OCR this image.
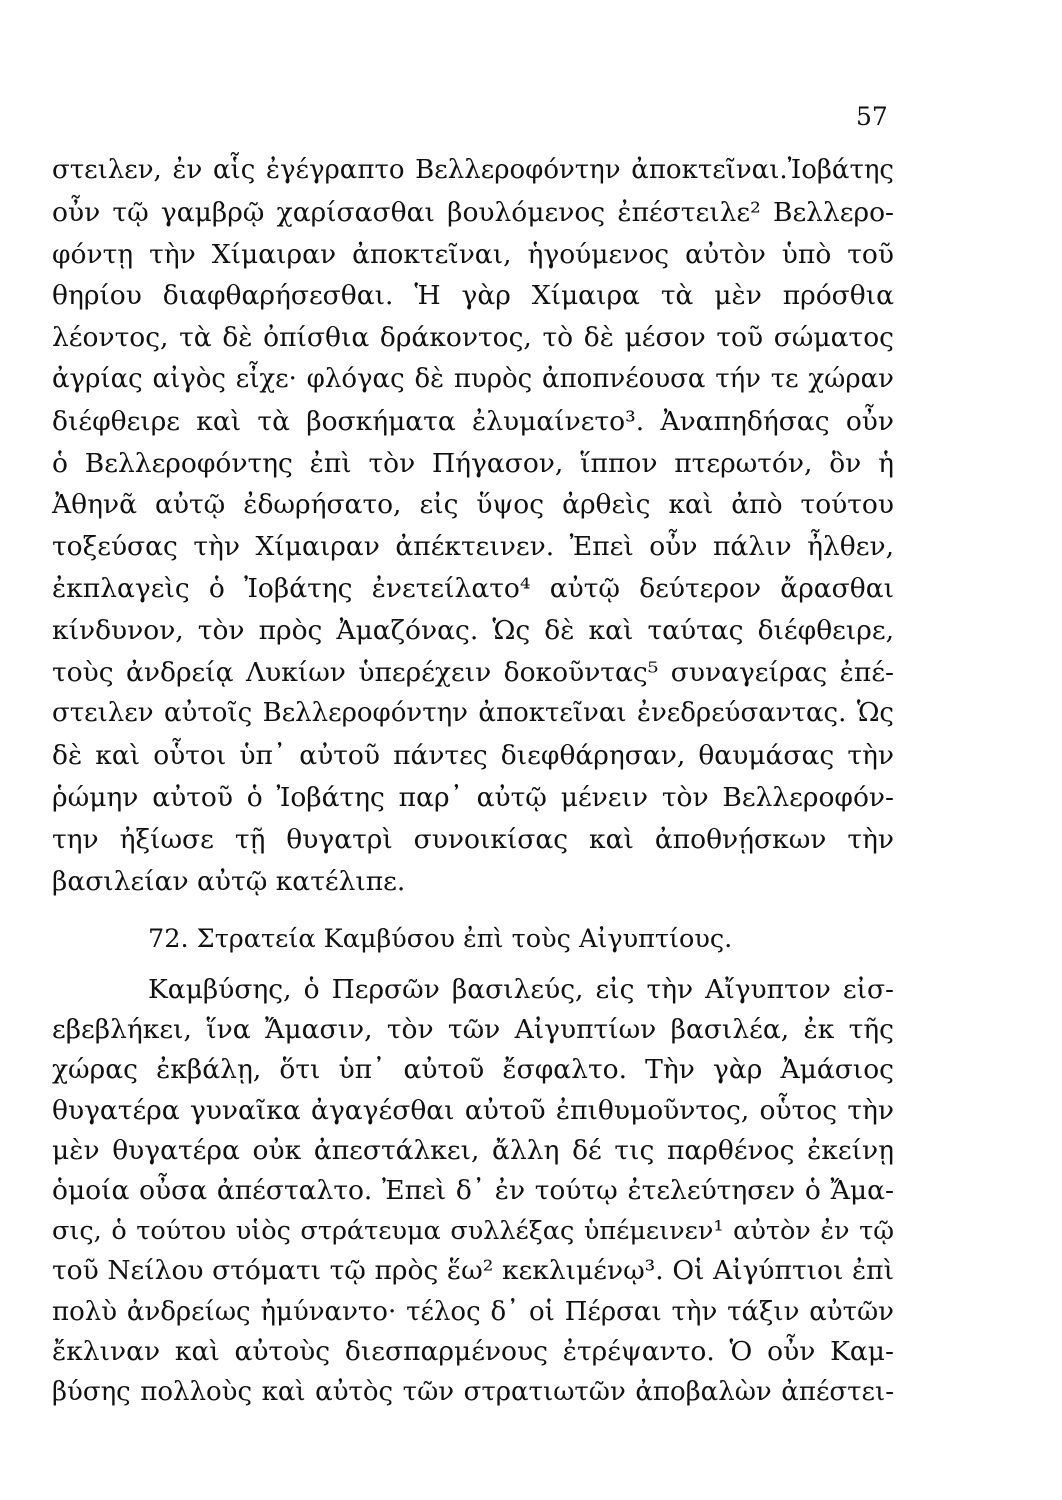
57
στειλεν, ἐν αἷς ἐγέγραπτο Βελλεροφόντην ἀποκτεῖναι.Ἰοβάτης
οὖν τῷ γαμβρῷ χαρίσασθαι βουλόμενος ἐπέστειλε² Βελλερο-
φόντῃ τὴν Χίμαιραν ἀποκτεῖναι, ἡγούμενος αὐτὸν ὑπὸ τοῦ
θηρίου διαφθαρήσεσθαι. Ἡ γὰρ Χίμαιρα τὰ μὲν πρόσθια
λέοντος, τὰ δὲ ὀπίσθια δράκοντος, τὸ δὲ μέσον τοῦ σώματος
ἀγρίας αἰγὸς εἶχε· φλόγας δὲ πυρὸς ἀποπνέουσα τήν τε χώραν
διέφθειρε καὶ τὰ βοσκήματα ἐλυμαίνετο³. Ἀναπηδήσας οὖν
ὁ Βελλεροφόντης ἐπὶ τὸν Πήγασον, ἵππον πτερωτόν, ὃν ἡ
Ἀθηνᾶ αὐτῷ ἐδωρήσατο, εἰς ὕψος ἀρθεὶς καὶ ἀπὸ τούτου
τοξεύσας τὴν Χίμαιραν ἀπέκτεινεν. Ἐπεὶ οὖν πάλιν ἦλθεν,
ἐκπλαγεὶς ὁ Ἰοβάτης ἐνετείλατο⁴ αὐτῷ δεύτερον ἄρασθαι
κίνδυνον, τὸν πρὸς Ἀμαζόνας. Ὡς δὲ καὶ ταύτας διέφθειρε,
τοὺς ἀνδρείᾳ Λυκίων ὑπερέχειν δοκοῦντας⁵ συναγείρας ἐπέ-
στειλεν αὐτοῖς Βελλεροφόντην ἀποκτεῖναι ἐνεδρεύσαντας. Ὡς
δὲ καὶ οὗτοι ὑπ᾽ αὐτοῦ πάντες διεφθάρησαν, θαυμάσας τὴν
ῥώμην αὐτοῦ ὁ Ἰοβάτης παρ᾽ αὐτῷ μένειν τὸν Βελλεροφόν-
την ἠξίωσε τῇ θυγατρὶ συνοικίσας καὶ ἀποθνῄσκων τὴν
βασιλείαν αὐτῷ κατέλιπε.
72. Στρατεία Καμβύσου ἐπὶ τοὺς Αἰγυπτίους.
Καμβύσης, ὁ Περσῶν βασιλεύς, εἰς τὴν Αἴγυπτον εἰσ-
εβεβλήκει, ἵνα Ἄμασιν, τὸν τῶν Αἰγυπτίων βασιλέα, ἐκ τῆς
χώρας ἐκβάλῃ, ὅτι ὑπ᾽ αὐτοῦ ἔσφαλτο. Τὴν γὰρ Ἀμάσιος
θυγατέρα γυναῖκα ἀγαγέσθαι αὐτοῦ ἐπιθυμοῦντος, οὗτος τὴν
μὲν θυγατέρα οὐκ ἀπεστάλκει, ἄλλη δέ τις παρθένος ἐκείνῃ
ὁμοία οὖσα ἀπέσταλτο. Ἐπεὶ δ᾽ ἐν τούτῳ ἐτελεύτησεν ὁ Ἄμα-
σις, ὁ τούτου υἱὸς στράτευμα συλλέξας ὑπέμεινεν¹ αὐτὸν ἐν τῷ
τοῦ Νείλου στόματι τῷ πρὸς ἕω² κεκλιμένῳ³. Οἱ Αἰγύπτιοι ἐπὶ
πολὺ ἀνδρείως ἠμύναντο· τέλος δ᾽ οἱ Πέρσαι τὴν τάξιν αὐτῶν
ἔκλιναν καὶ αὐτοὺς διεσπαρμένους ἐτρέψαντο. Ὁ οὖν Καμ-
βύσης πολλοὺς καὶ αὐτὸς τῶν στρατιωτῶν ἀποβαλὼν ἀπέστει-
